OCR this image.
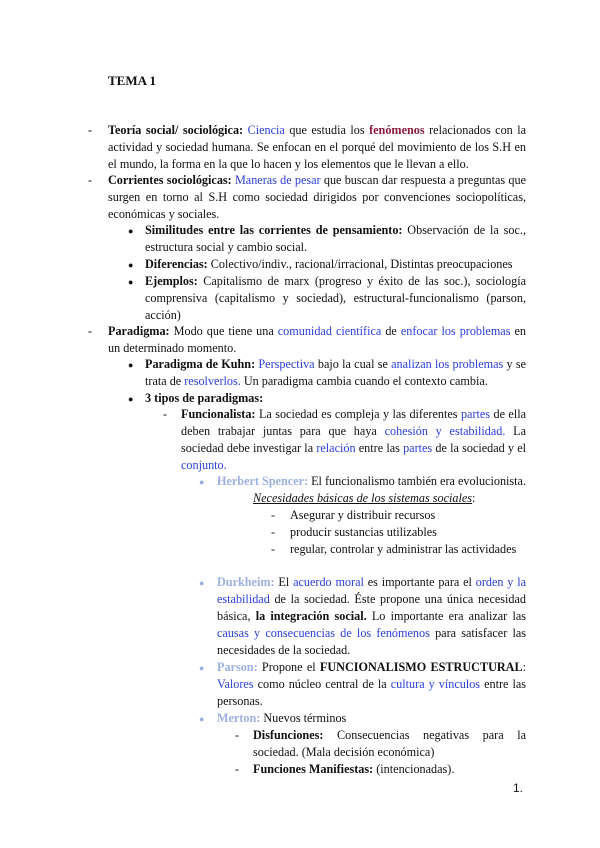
TEMA 1
- Teoría social/ sociológica: Ciencia que estudia los fenómenos relacionados con la actividad y sociedad humana. Se enfocan en el porqué del movimiento de los S.H en el mundo, la forma en la que lo hacen y los elementos que le llevan a ello.
- Corrientes sociológicas: Maneras de pesar que buscan dar respuesta a preguntas que surgen en torno al S.H como sociedad dirigidos por convenciones sociopolíticas, económicas y sociales.
● Similitudes entre las corrientes de pensamiento: Observación de la soc., estructura social y cambio social.
● Diferencias: Colectivo/indiv., racional/irracional, Distintas preocupaciones
● Ejemplos: Capitalismo de marx (progreso y éxito de las soc.), sociología comprensiva (capitalismo y sociedad), estructural-funcionalismo (parson, acción)
- Paradigma: Modo que tiene una comunidad científica de enfocar los problemas en un determinado momento.
● Paradigma de Kuhn: Perspectiva bajo la cual se analizan los problemas y se trata de resolverlos. Un paradigma cambia cuando el contexto cambia.
● 3 tipos de paradigmas:
- Funcionalista: La sociedad es compleja y las diferentes partes de ella deben trabajar juntas para que haya cohesión y estabilidad. La sociedad debe investigar la relación entre las partes de la sociedad y el conjunto.
● Herbert Spencer: El funcionalismo también era evolucionista.
Necesidades básicas de los sistemas sociales:
- Asegurar y distribuir recursos
- producir sustancias utilizables
- regular, controlar y administrar las actividades
● Durkheim: El acuerdo moral es importante para el orden y la estabilidad de la sociedad. Éste propone una única necesidad básica, la integración social. Lo importante era analizar las causas y consecuencias de los fenómenos para satisfacer las necesidades de la sociedad.
● Parson: Propone el FUNCIONALISMO ESTRUCTURAL: Valores como núcleo central de la cultura y vínculos entre las personas.
● Merton: Nuevos términos
- Disfunciones: Consecuencias negativas para la sociedad. (Mala decisión económica)
- Funciones Manifiestas: (intencionadas).
1.
